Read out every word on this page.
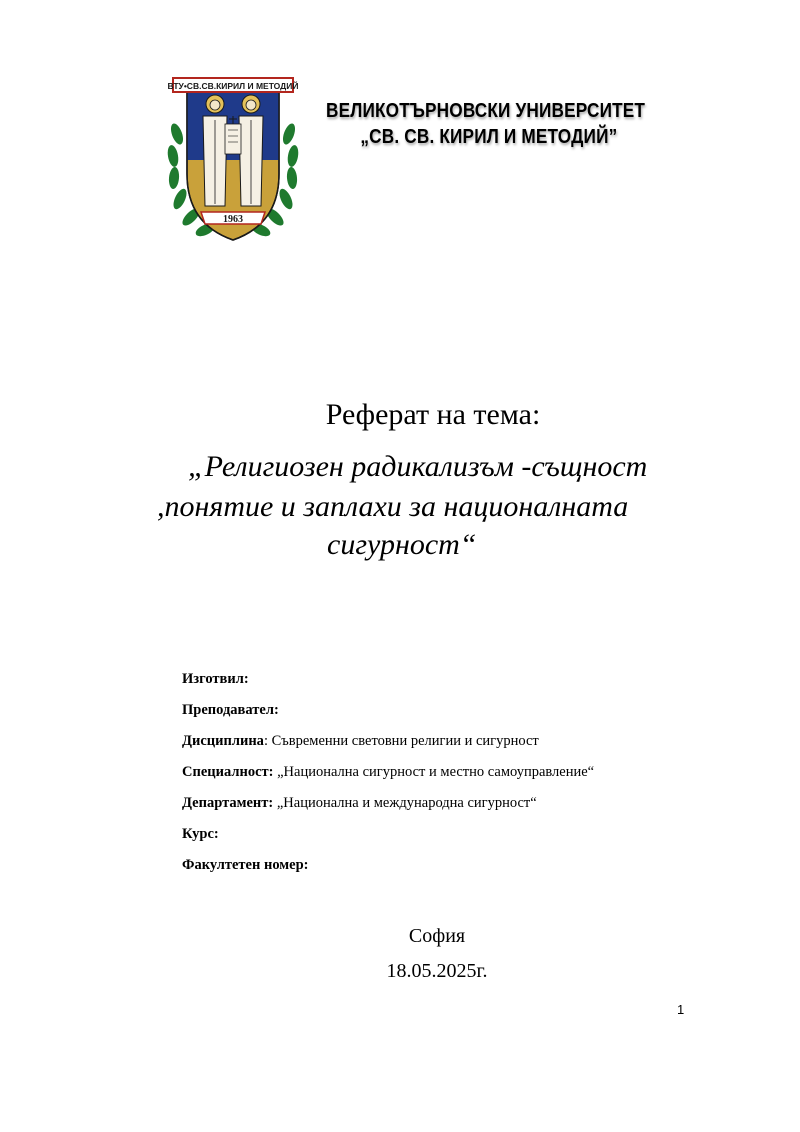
ВТУ•СВ.СВ.КИРИЛ И МЕТОДИЙ
1963
ВЕЛИКОТЪРНОВСКИ УНИВЕРСИТЕТ
„СВ. СВ. КИРИЛ И МЕТОДИЙ”
Реферат на тема:
„Религиозен радикализъм -същност
,понятие и заплахи за националната
сигурност“
Изготвил:
Преподавател:
Дисциплина: Съвременни световни религии и сигурност
Специалност: „Национална сигурност и местно самоуправление“
Департамент: „Национална и международна сигурност“
Курс:
Факултетен номер:
София
18.05.2025г.
1
